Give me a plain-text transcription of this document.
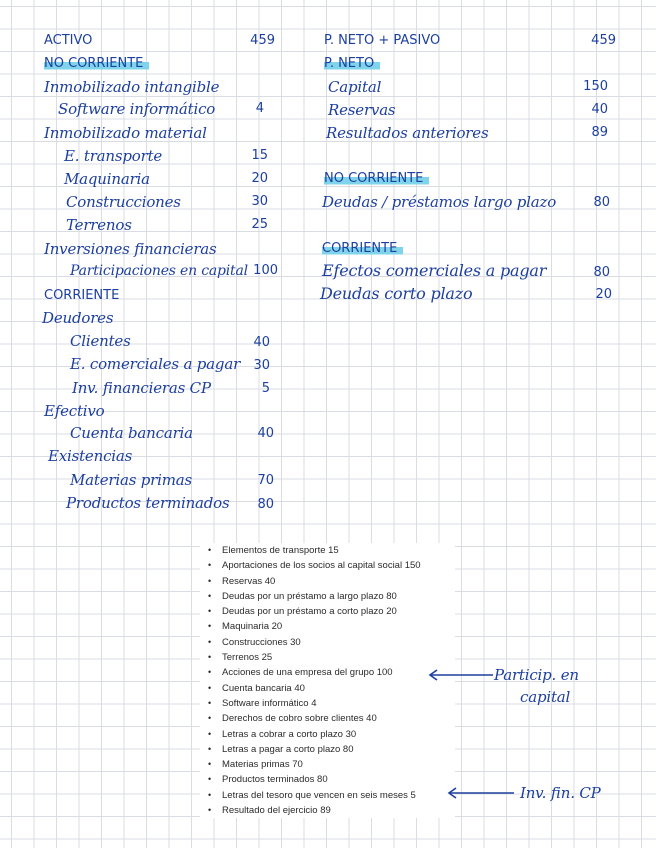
ACTIVO	459
NO CORRIENTE
Inmobilizado intangible
Software informático	4
Inmobilizado material
E. transporte	15
Maquinaria	20
Construcciones	30
Terrenos	25
Inversiones financieras
Participaciones en capital 100
CORRIENTE
Deudores
Clientes	40
E. comerciales a pagar	30
Inv. financieras CP	5
Efectivo
Cuenta bancaria	40
Existencias
Materias primas	70
Productos terminados	80
P. NETO + PASIVO	459
P. NETO
Capital	150
Reservas	40
Resultados anteriores	89
NO CORRIENTE
Deudas / préstamos largo plazo	80
CORRIENTE
Efectos comerciales a pagar	80
Deudas corto plazo	20
• Elementos de transporte 15
• Aportaciones de los socios al capital social 150
• Reservas 40
• Deudas por un préstamo a largo plazo 80
• Deudas por un préstamo a corto plazo 20
• Maquinaria 20
• Construcciones 30
• Terrenos 25
• Acciones de una empresa del grupo 100
• Cuenta bancaria 40
• Software informático 4
• Derechos de cobro sobre clientes 40
• Letras a cobrar a corto plazo 30
• Letras a pagar a corto plazo 80
• Materias primas 70
• Productos terminados 80
• Letras del tesoro que vencen en seis meses 5
• Resultado del ejercicio 89
Particip. en
capital
Inv. fin. CP
